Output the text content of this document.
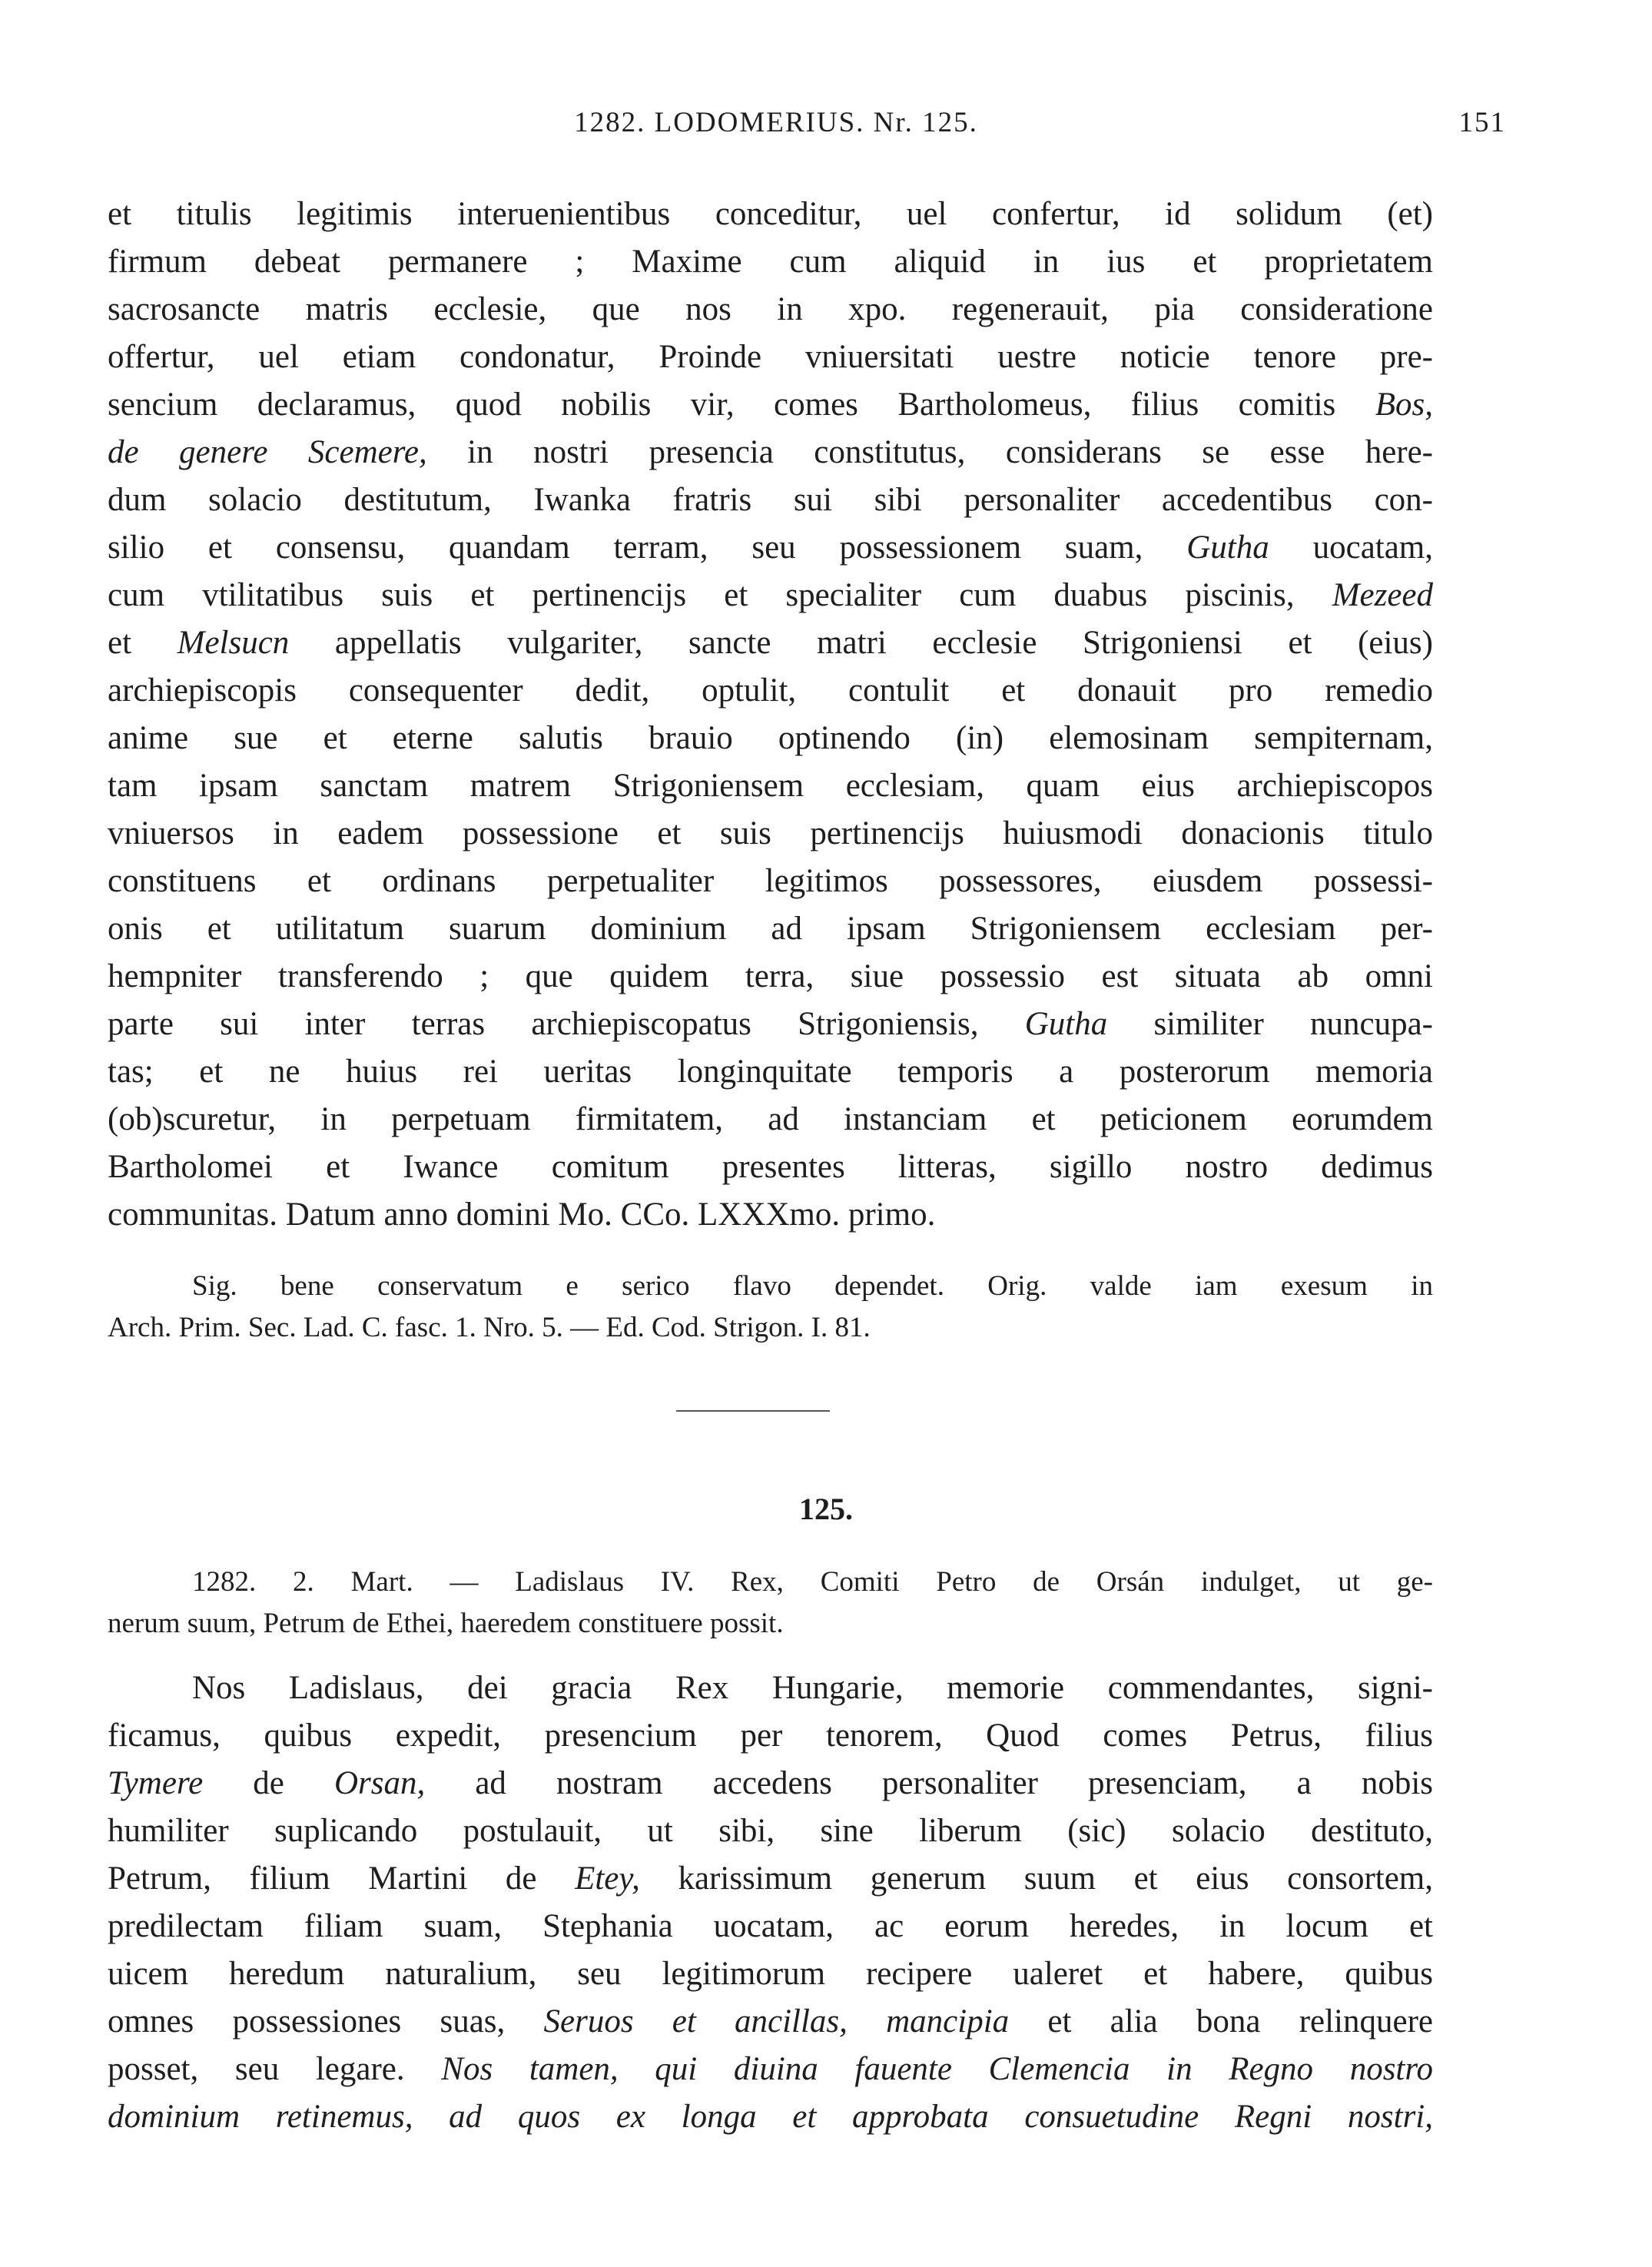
1282. LODOMERIUS. Nr. 125.	151
et titulis legitimis interuenientibus conceditur, uel confertur, id solidum (et)
firmum debeat permanere ; Maxime cum aliquid in ius et proprietatem
sacrosancte matris ecclesie, que nos in xpo. regenerauit, pia consideratione
offertur, uel etiam condonatur, Proinde vniuersitati uestre noticie tenore pre-
sencium declaramus, quod nobilis vir, comes Bartholomeus, filius comitis Bos,
de genere Scemere, in nostri presencia constitutus, considerans se esse here-
dum solacio destitutum, Iwanka fratris sui sibi personaliter accedentibus con-
silio et consensu, quandam terram, seu possessionem suam, Gutha uocatam,
cum vtilitatibus suis et pertinencijs et specialiter cum duabus piscinis, Mezeed
et Melsucn appellatis vulgariter, sancte matri ecclesie Strigoniensi et (eius)
archiepiscopis consequenter dedit, optulit, contulit et donauit pro remedio
anime sue et eterne salutis brauio optinendo (in) elemosinam sempiternam,
tam ipsam sanctam matrem Strigoniensem ecclesiam, quam eius archiepiscopos
vniuersos in eadem possessione et suis pertinencijs huiusmodi donacionis titulo
constituens et ordinans perpetualiter legitimos possessores, eiusdem possessi-
onis et utilitatum suarum dominium ad ipsam Strigoniensem ecclesiam per-
hempniter transferendo ; que quidem terra, siue possessio est situata ab omni
parte sui inter terras archiepiscopatus Strigoniensis, Gutha similiter nuncupa-
tas; et ne huius rei ueritas longinquitate temporis a posterorum memoria
(ob)scuretur, in perpetuam firmitatem, ad instanciam et peticionem eorumdem
Bartholomei et Iwance comitum presentes litteras, sigillo nostro dedimus
communitas. Datum anno domini Mo. CCo. LXXXmo. primo.
Sig. bene conservatum e serico flavo dependet. Orig. valde iam exesum in
Arch. Prim. Sec. Lad. C. fasc. 1. Nro. 5. — Ed. Cod. Strigon. I. 81.
125.
1282. 2. Mart. — Ladislaus IV. Rex, Comiti Petro de Orsán indulget, ut ge-
nerum suum, Petrum de Ethei, haeredem constituere possit.
Nos Ladislaus, dei gracia Rex Hungarie, memorie commendantes, signi-
ficamus, quibus expedit, presencium per tenorem, Quod comes Petrus, filius
Tymere de Orsan, ad nostram accedens personaliter presenciam, a nobis
humiliter suplicando postulauit, ut sibi, sine liberum (sic) solacio destituto,
Petrum, filium Martini de Etey, karissimum generum suum et eius consortem,
predilectam filiam suam, Stephania uocatam, ac eorum heredes, in locum et
uicem heredum naturalium, seu legitimorum recipere ualeret et habere, quibus
omnes possessiones suas, Seruos et ancillas, mancipia et alia bona relinquere
posset, seu legare. Nos tamen, qui diuina fauente Clemencia in Regno nostro
dominium retinemus, ad quos ex longa et approbata consuetudine Regni nostri,
